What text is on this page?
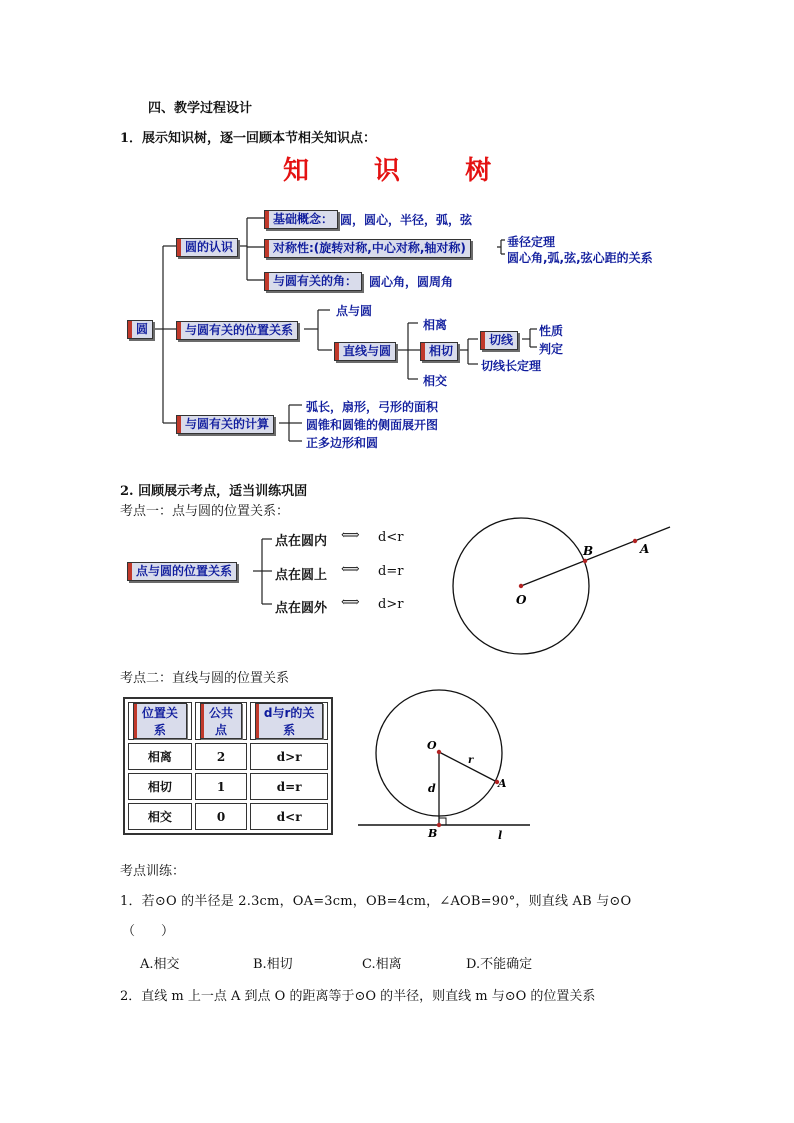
四、教学过程设计
1．展示知识树，逐一回顾本节相关知识点：
知 识 树
圆
圆的认识
基础概念： 圆，圆心，半径，弧，弦
对称性:(旋转对称,中心对称,轴对称)	垂径定理
圆心角,弧,弦,弦心距的关系
与圆有关的角： 圆心角，圆周角
与圆有关的位置关系
点与圆
直线与圆
相离
相切
相交
切线
性质
判定
切线长定理
与圆有关的计算
弧长，扇形，弓形的面积
圆锥和圆锥的侧面展开图
正多边形和圆
2. 回顾展示考点，适当训练巩固
考点一：点与圆的位置关系：
点与圆的位置关系
点在圆内 ⟺ d<r
点在圆上 ⟺ d=r
点在圆外 ⟺ d>r	O
B	A
考点二：直线与圆的位置关系
位置关系	公共点	d与r的关系
相离	2	d>r
相切	1	d=r
相交	0	d<r
O
r
A
d
B	l
考点训练：
1．若⊙O 的半径是 2.3cm，OA=3cm，OB=4cm，∠AOB=90°，则直线 AB 与⊙O
（　　）
A.相交	B.相切	C.相离	D.不能确定
2．直线 m 上一点 A 到点 O 的距离等于⊙O 的半径，则直线 m 与⊙O 的位置关系
